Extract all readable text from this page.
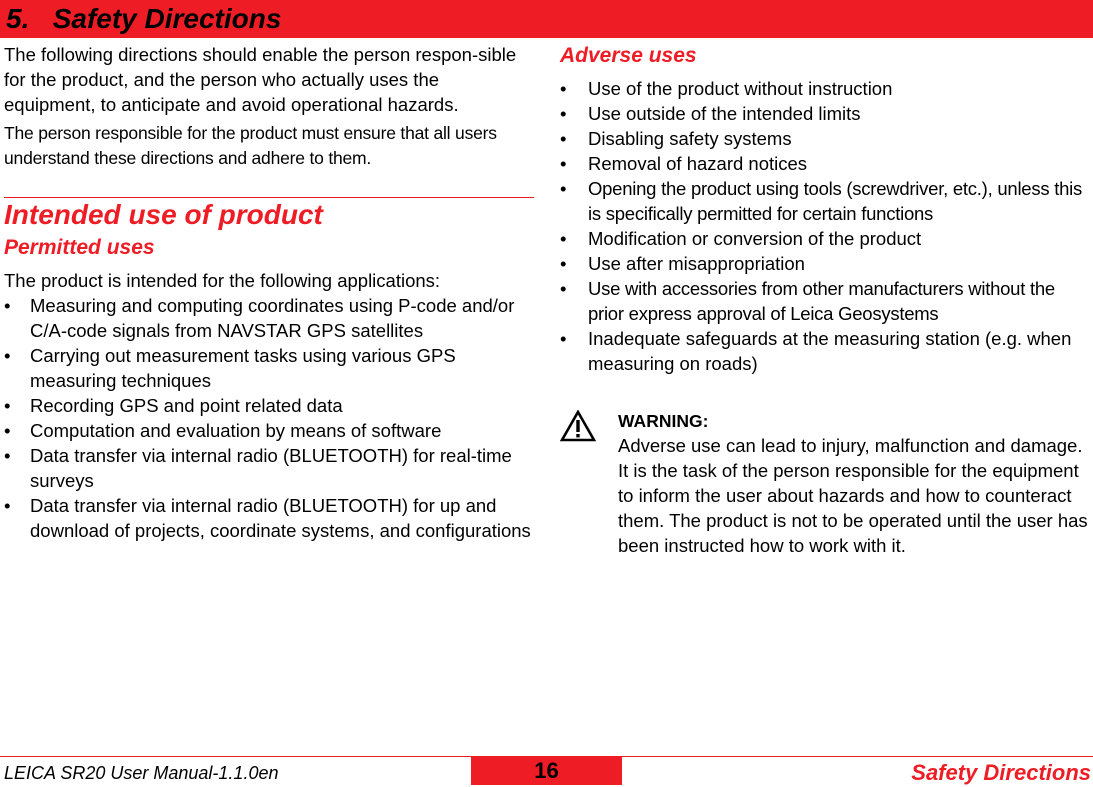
5.   Safety Directions

The following directions should enable the person respon-sible for the product, and the person who actually uses the equipment, to anticipate and avoid operational hazards.

The person responsible for the product must ensure that all users understand these directions and adhere to them.

Intended use of product
Permitted uses

The product is intended for the following applications:

• Measuring and computing coordinates using P-code and/or C/A-code signals from NAVSTAR GPS satellites
• Carrying out measurement tasks using various GPS measuring techniques
• Recording GPS and point related data
• Computation and evaluation by means of software
• Data transfer via internal radio (BLUETOOTH) for real-time surveys
• Data transfer via internal radio (BLUETOOTH) for up and download of projects, coordinate systems, and configurations
Adverse uses
• Use of the product without instruction
• Use outside of the intended limits
• Disabling safety systems
• Removal of hazard notices
• Opening the product using tools (screwdriver, etc.), unless this is specifically permitted for certain functions
• Modification or conversion of the product
• Use after misappropriation
• Use with accessories from other manufacturers without the prior express approval of Leica Geosystems
• Inadequate safeguards at the measuring station (e.g. when measuring on roads)
WARNING:
Adverse use can lead to injury, malfunction and damage. It is the task of the person responsible for the equipment to inform the user about hazards and how to counteract them. The product is not to be operated until the user has been instructed how to work with it.
LEICA SR20 User Manual-1.1.0en	16	Safety Directions
